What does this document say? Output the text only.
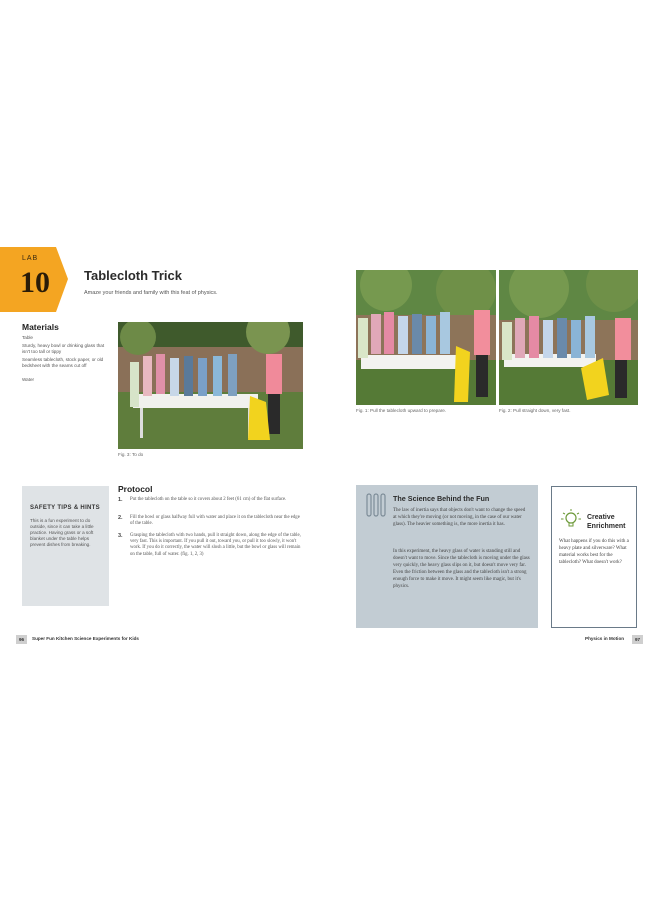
LAB
10	Tablecloth Trick
Amaze your friends and family with this feat of physics.
Materials
Table
Sturdy, heavy bowl or drinking glass that isn't too tall or tippy
Seamless tablecloth, stock paper, or old bedsheet with the seams cut off
Water
Fig. 3: To do
Fig. 1: Pull the tablecloth upward to prepare.	Fig. 2: Pull straight down, very fast.
SAFETY TIPS & HINTS
This is a fun experiment to do outside, since it can take a little practice. Having grass or a soft blanket under the table helps prevent dishes from breaking.
Protocol
1. Put the tablecloth on the table so it covers about 2 feet (61 cm) of the flat surface.
2. Fill the bowl or glass halfway full with water and place it on the tablecloth near the edge of the table.
3. Grasping the tablecloth with two hands, pull it straight down, along the edge of the table, very fast. This is important. If you pull it out, toward you, or pull it too slowly, it won't work. If you do it correctly, the water will slosh a little, but the bowl or glass will remain on the table, full of water. (fig. 1, 2, 3)
The Science Behind the Fun
The law of inertia says that objects don't want to change the speed at which they're moving (or not moving, in the case of our water glass). The heavier something is, the more inertia it has.
In this experiment, the heavy glass of water is standing still and doesn't want to move. Since the tablecloth is moving under the glass very quickly, the heavy glass slips on it, but doesn't move very far. Even the friction between the glass and the tablecloth isn't a strong enough force to make it move. It might seem like magic, but it's physics.
Creative Enrichment
What happens if you do this with a heavy plate and silverware? What material works best for the tablecloth? What doesn't work?
96	Super Fun Kitchen Science Experiments for Kids	Physics in Motion	97
